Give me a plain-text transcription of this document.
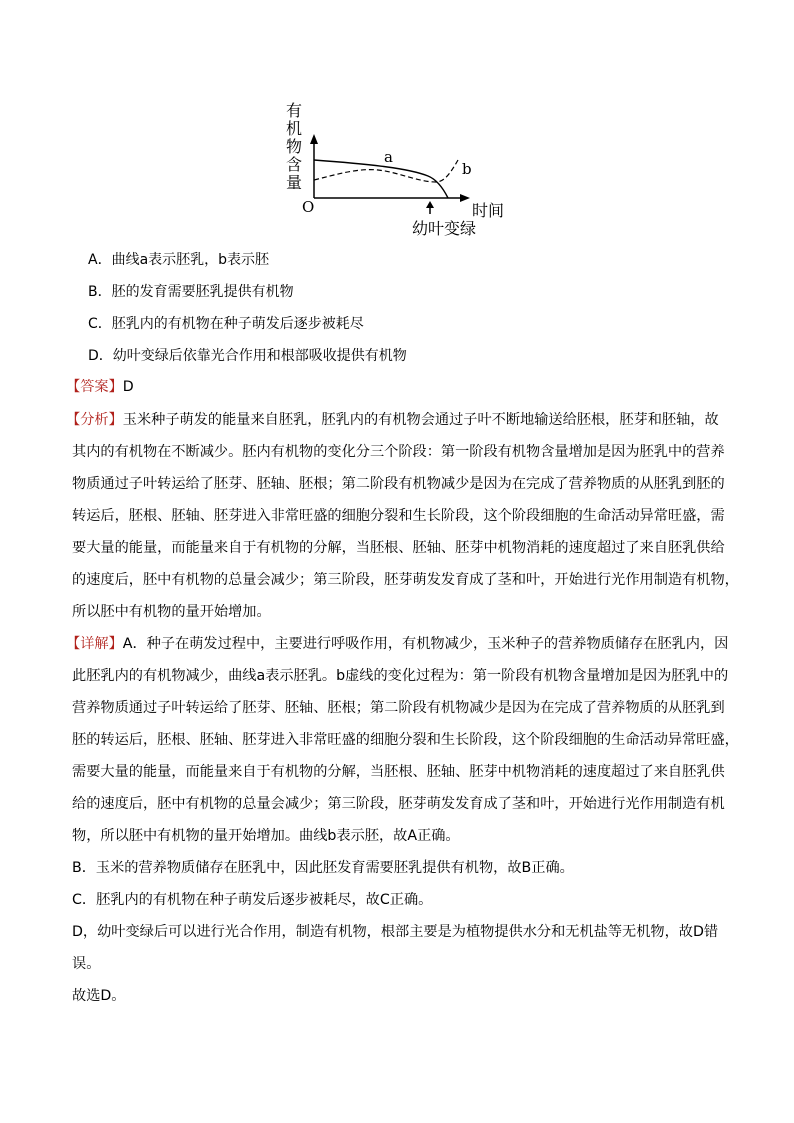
有
机
物
含
量
O
a
b
时间
幼叶变绿
A．曲线a表示胚乳，b表示胚
B．胚的发育需要胚乳提供有机物
C．胚乳内的有机物在种子萌发后逐步被耗尽
D．幼叶变绿后依靠光合作用和根部吸收提供有机物
【答案】D
【分析】玉米种子萌发的能量来自胚乳，胚乳内的有机物会通过子叶不断地输送给胚根，胚芽和胚轴，故
其内的有机物在不断减少。胚内有机物的变化分三个阶段：第一阶段有机物含量增加是因为胚乳中的营养
物质通过子叶转运给了胚芽、胚轴、胚根；第二阶段有机物减少是因为在完成了营养物质的从胚乳到胚的
转运后，胚根、胚轴、胚芽进入非常旺盛的细胞分裂和生长阶段，这个阶段细胞的生命活动异常旺盛，需
要大量的能量，而能量来自于有机物的分解，当胚根、胚轴、胚芽中机物消耗的速度超过了来自胚乳供给
的速度后，胚中有机物的总量会减少；第三阶段，胚芽萌发发育成了茎和叶，开始进行光作用制造有机物，
所以胚中有机物的量开始增加。
【详解】A．种子在萌发过程中，主要进行呼吸作用，有机物减少，玉米种子的营养物质储存在胚乳内，因
此胚乳内的有机物减少，曲线a表示胚乳。b虚线的变化过程为：第一阶段有机物含量增加是因为胚乳中的
营养物质通过子叶转运给了胚芽、胚轴、胚根；第二阶段有机物减少是因为在完成了营养物质的从胚乳到
胚的转运后，胚根、胚轴、胚芽进入非常旺盛的细胞分裂和生长阶段，这个阶段细胞的生命活动异常旺盛，
需要大量的能量，而能量来自于有机物的分解，当胚根、胚轴、胚芽中机物消耗的速度超过了来自胚乳供
给的速度后，胚中有机物的总量会减少；第三阶段，胚芽萌发发育成了茎和叶，开始进行光作用制造有机
物，所以胚中有机物的量开始增加。曲线b表示胚，故A正确。
B．玉米的营养物质储存在胚乳中，因此胚发育需要胚乳提供有机物，故B正确。
C．胚乳内的有机物在种子萌发后逐步被耗尽，故C正确。
D，幼叶变绿后可以进行光合作用，制造有机物，根部主要是为植物提供水分和无机盐等无机物，故D错
误。
故选D。
